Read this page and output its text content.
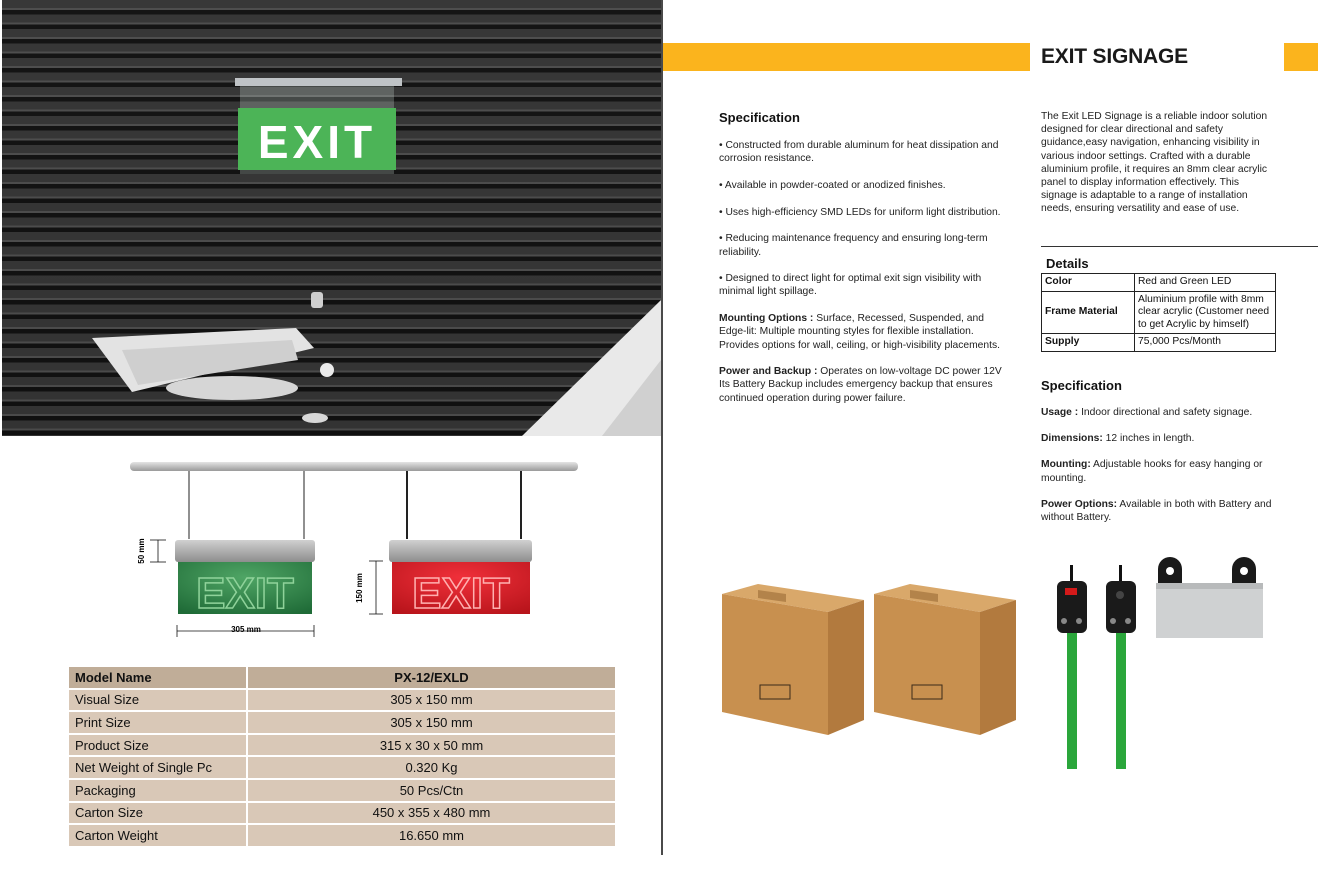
EXIT
EXIT	EXIT
50 mm
305 mm
150 mm
Model Name	PX-12/EXLD
Visual Size	305 x 150 mm
Print Size	305 x 150 mm
Product Size	315 x 30 x 50 mm
Net Weight of Single Pc	0.320 Kg
Packaging	50 Pcs/Ctn
Carton Size	450 x 355 x 480 mm
Carton Weight	16.650 mm
EXIT SIGNAGE
Specification

• Constructed from durable aluminum for heat dissipation and corrosion resistance.

• Available in powder-coated or anodized finishes.

• Uses high-efficiency SMD LEDs for uniform light distribution.

• Reducing maintenance frequency and ensuring long-term reliability.

• Designed to direct light for optimal exit sign visibility with minimal light spillage.

Mounting Options : Surface, Recessed, Suspended, and Edge-lit: Multiple mounting styles for flexible installation. Provides options for wall, ceiling, or high-visibility placements.

Power and Backup : Operates on low-voltage DC power 12V Its Battery Backup includes emergency backup that ensures continued operation during power failure.

The Exit LED Signage is a reliable indoor solution designed for clear directional and safety guidance,easy navigation, enhancing visibility in various indoor settings. Crafted with a durable aluminium profile, it requires an 8mm clear acrylic panel to display information effectively. This signage is adaptable to a range of installation needs, ensuring versatility and ease of use.

Details
Color	Red and Green LED
Frame Material	Aluminium profile with 8mm clear acrylic (Customer need to get Acrylic by himself)
Supply	75,000 Pcs/Month
Specification

Usage : Indoor directional and safety signage.

Dimensions: 12 inches in length.

Mounting: Adjustable hooks for easy hanging or mounting.

Power Options: Available in both with Battery and without Battery.
